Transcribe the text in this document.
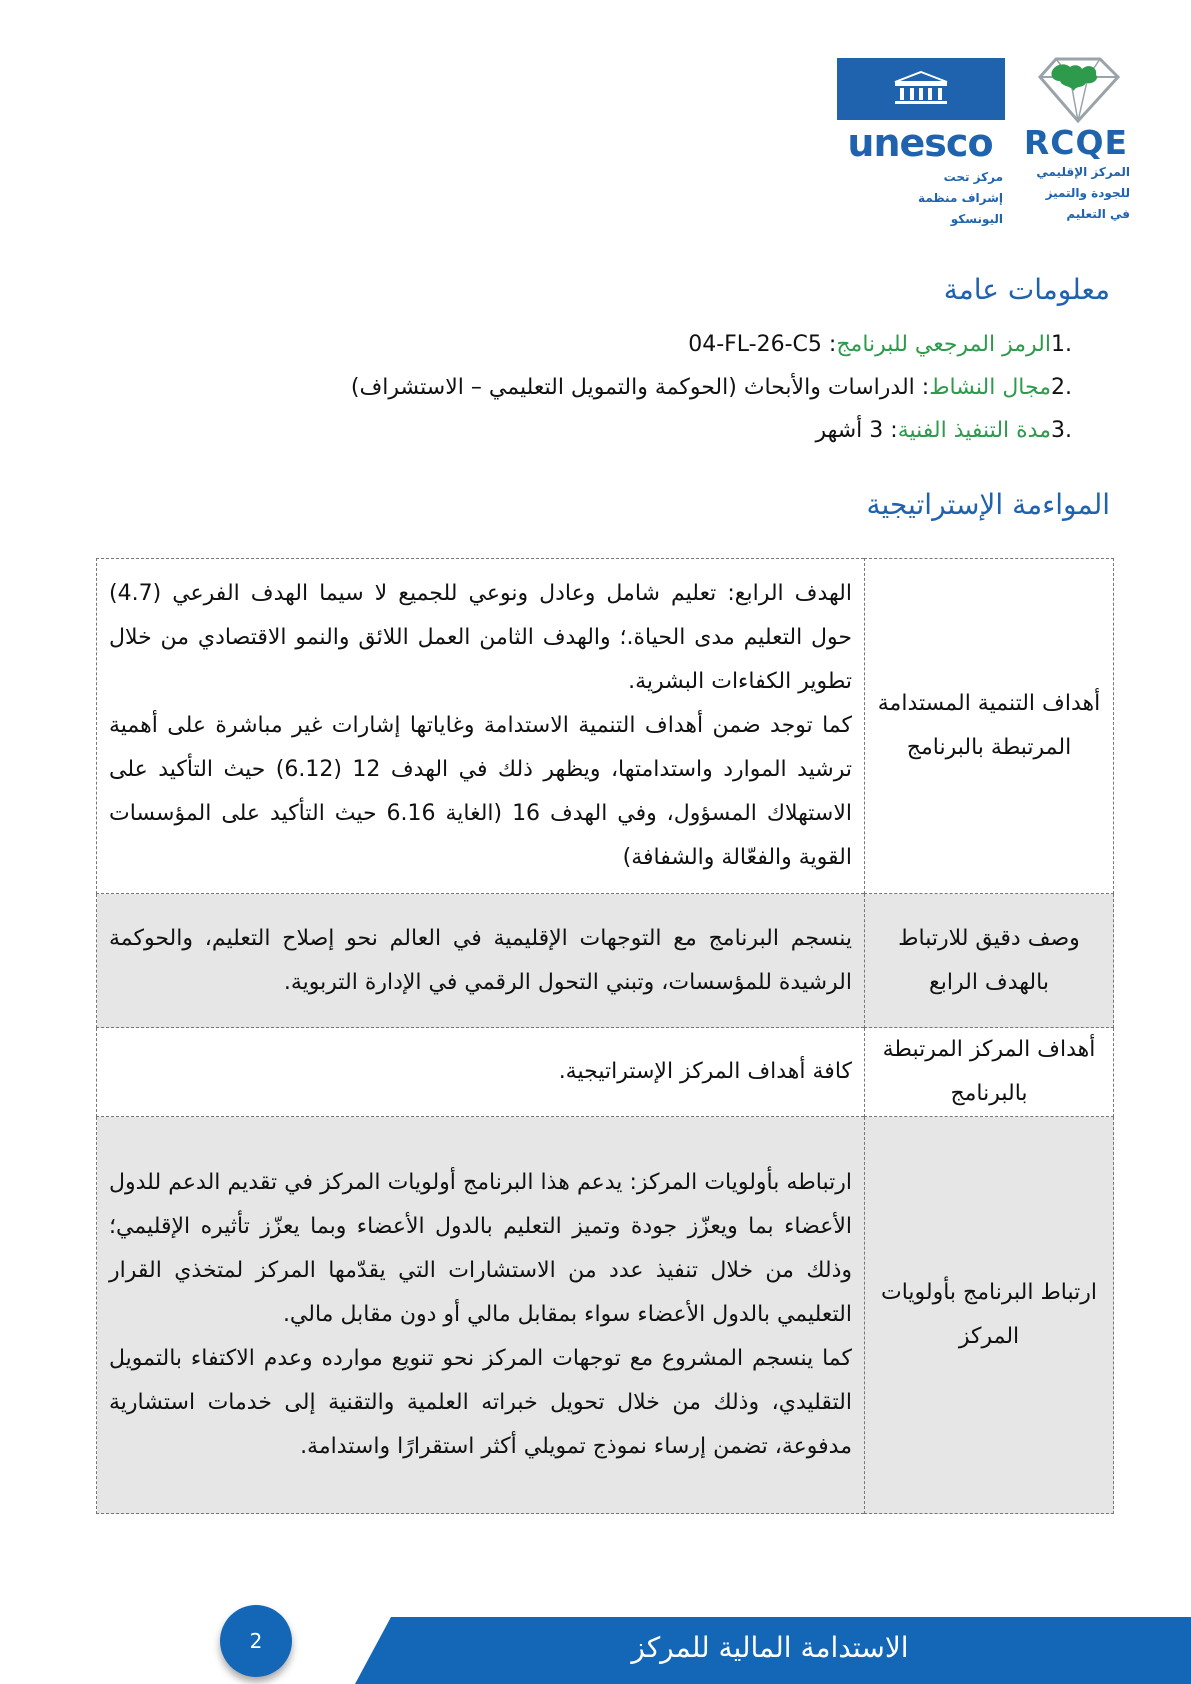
RCQE
المركز الإقليمي
للجودة والتميز
في التعليم
unesco
مركز تحت
إشراف منظمة
اليونسكو
معلومات عامة
.1
الرمز المرجعي للبرنامج
:

04-FL-26-C5
.2
مجال النشاط
:

الدراسات والأبحاث (الحوكمة والتمويل التعليمي – الاستشراف)
.3
مدة التنفيذ الفنية
:

3 أشهر
المواءمة الإستراتيجية
أهداف التنمية المستدامة المرتبطة بالبرنامج	الهدف الرابع: تعليم شامل وعادل ونوعي للجميع لا سيما الهدف الفرعي (4.7) حول التعليم مدى الحياة.؛ والهدف الثامن العمل اللائق والنمو الاقتصادي من خلال تطوير الكفاءات البشرية.

كما توجد ضمن أهداف التنمية الاستدامة وغاياتها إشارات غير مباشرة على أهمية ترشيد الموارد واستدامتها، ويظهر ذلك في الهدف 12 (6.12) حيث التأكيد على الاستهلاك المسؤول، وفي الهدف 16 (الغاية 6.16 حيث التأكيد على المؤسسات القوية والفعّالة والشفافة)

وصف دقيق للارتباط بالهدف الرابع	ينسجم البرنامج مع التوجهات الإقليمية في العالم نحو إصلاح التعليم، والحوكمة الرشيدة للمؤسسات، وتبني التحول الرقمي في الإدارة التربوية.

أهداف المركز المرتبطة بالبرنامج	كافة أهداف المركز الإستراتيجية.

ارتباط البرنامج بأولويات المركز	ارتباطه بأولويات المركز: يدعم هذا البرنامج أولويات المركز في تقديم الدعم للدول الأعضاء بما ويعزّز جودة وتميز التعليم بالدول الأعضاء وبما يعزّز تأثيره الإقليمي؛ وذلك من خلال تنفيذ عدد من الاستشارات التي يقدّمها المركز لمتخذي القرار التعليمي بالدول الأعضاء سواء بمقابل مالي أو دون مقابل مالي.

كما ينسجم المشروع مع توجهات المركز نحو تنويع موارده وعدم الاكتفاء بالتمويل التقليدي، وذلك من خلال تحويل خبراته العلمية والتقنية إلى خدمات استشارية مدفوعة، تضمن إرساء نموذج تمويلي أكثر استقرارًا واستدامة.

الاستدامة المالية للمركز
2
